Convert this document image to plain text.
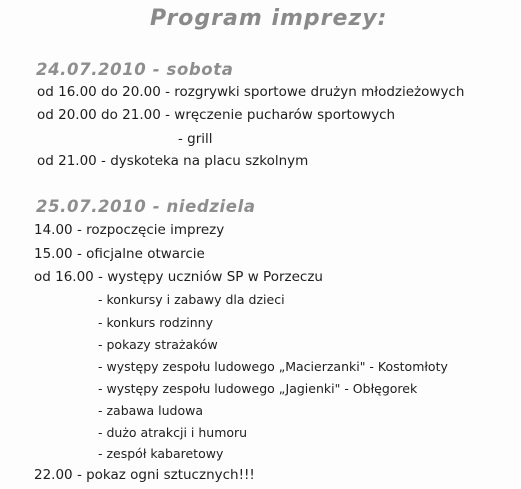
Program imprezy:
24.07.2010 - sobota
od 16.00 do 20.00 - rozgrywki sportowe drużyn młodzieżowych
od 20.00 do 21.00 - wręczenie pucharów sportowych
- grill
od 21.00 - dyskoteka na placu szkolnym
25.07.2010 - niedziela
14.00 - rozpoczęcie imprezy
15.00 - oficjalne otwarcie
od 16.00 - występy uczniów SP w Porzeczu
- konkursy i zabawy dla dzieci
- konkurs rodzinny
- pokazy strażaków
- występy zespołu ludowego „Macierzanki" - Kostomłoty
- występy zespołu ludowego „Jagienki" - Obłęgorek
- zabawa ludowa
- dużo atrakcji i humoru
- zespół kabaretowy
22.00 - pokaz ogni sztucznych!!!
